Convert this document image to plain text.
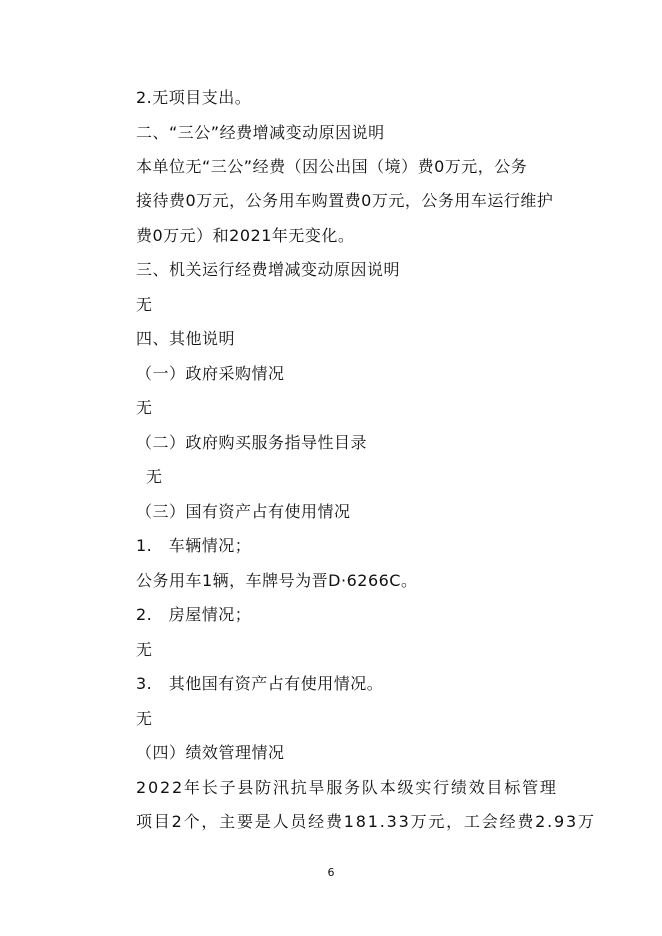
2.无项目支出。
二、“三公”经费增减变动原因说明
本单位无“三公”经费（因公出国（境）费0万元，公务
接待费0万元，公务用车购置费0万元，公务用车运行维护
费0万元）和2021年无变化。
三、机关运行经费增减变动原因说明
无
四、其他说明
（一）政府采购情况
无
（二）政府购买服务指导性目录
无
（三）国有资产占有使用情况
1.　车辆情况；
公务用车1辆，车牌号为晋D·6266C。
2.　房屋情况；
无
3.　其他国有资产占有使用情况。
无
（四）绩效管理情况
2022年长子县防汛抗旱服务队本级实行绩效目标管理
项目2个，主要是人员经费181.33万元，工会经费2.93万
6
